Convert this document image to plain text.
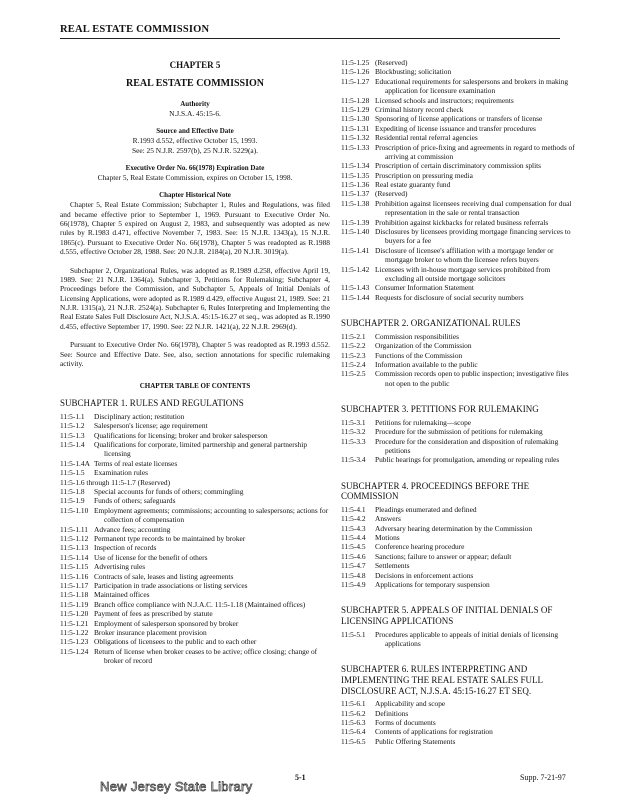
REAL ESTATE COMMISSION
CHAPTER 5
REAL ESTATE COMMISSION
Authority
N.J.S.A. 45:15-6.
Source and Effective Date
R.1993 d.552, effective October 15, 1993.
See: 25 N.J.R. 2597(b), 25 N.J.R. 5229(a).
Executive Order No. 66(1978) Expiration Date
Chapter 5, Real Estate Commission, expires on October 15, 1998.
Chapter Historical Note

Chapter 5, Real Estate Commission; Subchapter 1, Rules and Regulations, was filed and became effective prior to September 1, 1969. Pursuant to Executive Order No. 66(1978), Chapter 5 expired on August 2, 1983, and subsequently was adopted as new rules by R.1983 d.471, effective November 7, 1983. See: 15 N.J.R. 1343(a), 15 N.J.R. 1865(c). Pursuant to Executive Order No. 66(1978), Chapter 5 was readopted as R.1988 d.555, effective October 28, 1988. See: 20 N.J.R. 2184(a), 20 N.J.R. 3019(a).

Subchapter 2, Organizational Rules, was adopted as R.1989 d.258, effective April 19, 1989. See: 21 N.J.R. 1364(a). Subchapter 3, Petitions for Rulemaking; Subchapter 4, Proceedings before the Commission, and Subchapter 5, Appeals of Initial Denials of Licensing Applications, were adopted as R.1989 d.429, effective August 21, 1989. See: 21 N.J.R. 1315(a), 21 N.J.R. 2524(a). Subchapter 6, Rules Interpreting and Implementing the Real Estate Sales Full Disclosure Act, N.J.S.A. 45:15-16.27 et seq., was adopted as R.1990 d.455, effective September 17, 1990. See: 22 N.J.R. 1421(a), 22 N.J.R. 2969(d).

Pursuant to Executive Order No. 66(1978), Chapter 5 was readopted as R.1993 d.552. See: Source and Effective Date. See, also, section annotations for specific rulemaking activity.

CHAPTER TABLE OF CONTENTS
SUBCHAPTER 1. RULES AND REGULATIONS
11:5-1.1	Disciplinary action; restitution
11:5-1.2	Salesperson's license; age requirement
11:5-1.3	Qualifications for licensing; broker and broker salesperson
11:5-1.4	Qualifications for corporate, limited partnership and general partnership licensing
11:5-1.4A Terms of real estate licenses
11:5-1.5	Examination rules
11:5-1.6 through 11:5-1.7 (Reserved)
11:5-1.8	Special accounts for funds of others; commingling
11:5-1.9	Funds of others; safeguards
11:5-1.10 Employment agreements; commissions; accounting to salespersons; actions for collection of compensation
11:5-1.11 Advance fees; accounting
11:5-1.12 Permanent type records to be maintained by broker
11:5-1.13 Inspection of records
11:5-1.14 Use of license for the benefit of others
11:5-1.15 Advertising rules
11:5-1.16 Contracts of sale, leases and listing agreements
11:5-1.17 Participation in trade associations or listing services
11:5-1.18 Maintained offices
11:5-1.19 Branch office compliance with N.J.A.C. 11:5-1.18 (Maintained offices)
11:5-1.20 Payment of fees as prescribed by statute
11:5-1.21 Employment of salesperson sponsored by broker
11:5-1.22 Broker insurance placement provision
11:5-1.23 Obligations of licensees to the public and to each other
11:5-1.24 Return of license when broker ceases to be active; office closing; change of broker of record
11:5-1.25 (Reserved)
11:5-1.26 Blockbusting; solicitation
11:5-1.27 Educational requirements for salespersons and brokers in making application for licensure examination
11:5-1.28 Licensed schools and instructors; requirements
11:5-1.29 Criminal history record check
11:5-1.30 Sponsoring of license applications or transfers of license
11:5-1.31 Expediting of license issuance and transfer procedures
11:5-1.32 Residential rental referral agencies
11:5-1.33 Proscription of price-fixing and agreements in regard to methods of arriving at commission
11:5-1.34 Proscription of certain discriminatory commission splits
11:5-1.35 Proscription on pressuring media
11:5-1.36 Real estate guaranty fund
11:5-1.37 (Reserved)
11:5-1.38 Prohibition against licensees receiving dual compensation for dual representation in the sale or rental transaction
11:5-1.39 Prohibition against kickbacks for related business referrals
11:5-1.40 Disclosures by licensees providing mortgage financing services to buyers for a fee
11:5-1.41 Disclosure of licensee's affiliation with a mortgage lender or mortgage broker to whom the licensee refers buyers
11:5-1.42 Licensees with in-house mortgage services prohibited from excluding all outside mortgage solicitors
11:5-1.43 Consumer Information Statement
11:5-1.44 Requests for disclosure of social security numbers
SUBCHAPTER 2. ORGANIZATIONAL RULES
11:5-2.1	Commission responsibilities
11:5-2.2	Organization of the Commission
11:5-2.3	Functions of the Commission
11:5-2.4	Information available to the public
11:5-2.5	Commission records open to public inspection; investigative files not open to the public
SUBCHAPTER 3. PETITIONS FOR RULEMAKING
11:5-3.1	Petitions for rulemaking—scope
11:5-3.2	Procedure for the submission of petitions for rulemaking
11:5-3.3	Procedure for the consideration and disposition of rulemaking petitions
11:5-3.4	Public hearings for promulgation, amending or repealing rules
SUBCHAPTER 4. PROCEEDINGS BEFORE THE COMMISSION
11:5-4.1	Pleadings enumerated and defined
11:5-4.2	Answers
11:5-4.3	Adversary hearing determination by the Commission
11:5-4.4	Motions
11:5-4.5	Conference hearing procedure
11:5-4.6	Sanctions; failure to answer or appear; default
11:5-4.7	Settlements
11:5-4.8	Decisions in enforcement actions
11:5-4.9	Applications for temporary suspension
SUBCHAPTER 5. APPEALS OF INITIAL DENIALS OF LICENSING APPLICATIONS
11:5-5.1	Procedures applicable to appeals of initial denials of licensing applications
SUBCHAPTER 6. RULES INTERPRETING AND IMPLEMENTING THE REAL ESTATE SALES FULL DISCLOSURE ACT, N.J.S.A. 45:15-16.27 ET SEQ.
11:5-6.1	Applicability and scope
11:5-6.2	Definitions
11:5-6.3	Forms of documents
11:5-6.4	Contents of applications for registration
11:5-6.5	Public Offering Statements
5-1	Supp. 7-21-97
New Jersey State Library
